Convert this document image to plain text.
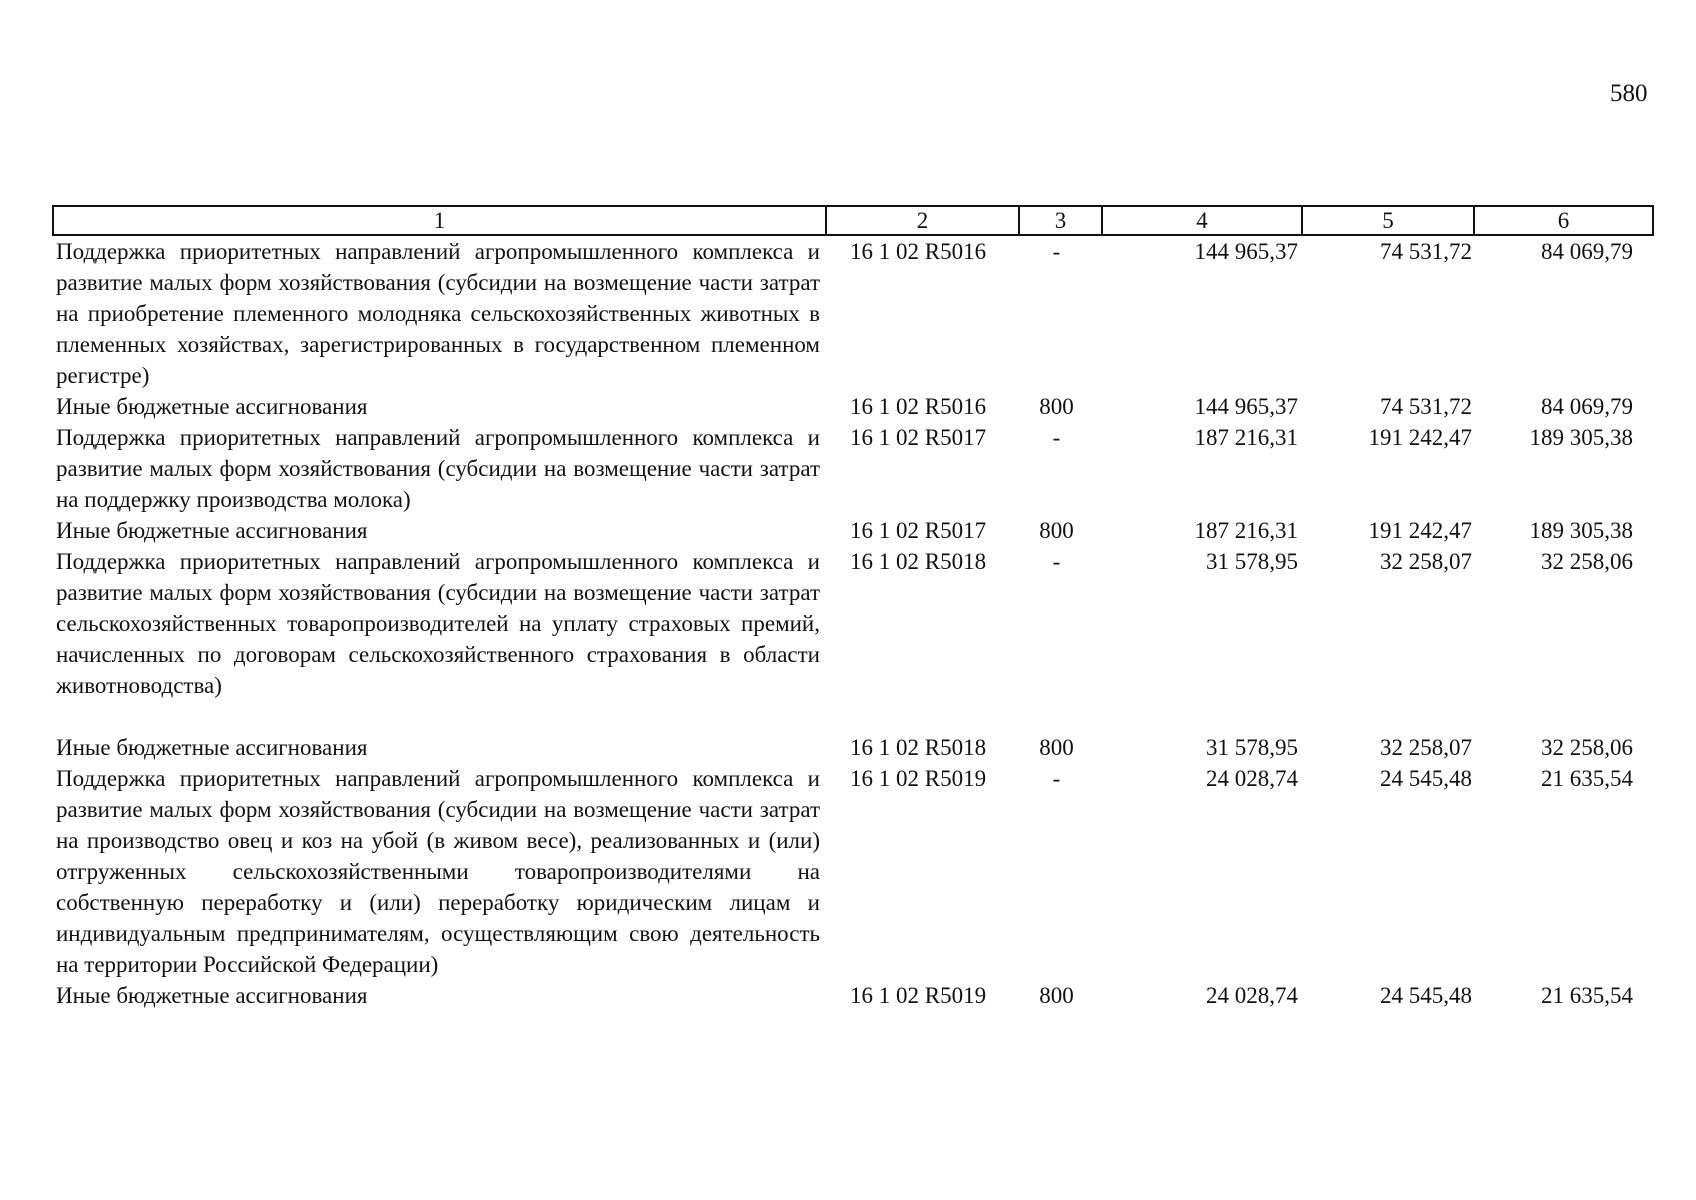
580
1	2	3	4	5	6
Поддержка приоритетных направлений агропромышленного комплекса и развитие малых форм хозяйствования (субсидии на возмещение части затрат на приобретение племенного молодняка сельскохозяйственных животных в племенных хозяйствах, зарегистрированных в государственном племенном регистре)	16 1 02 R5016	-	144 965,37	74 531,72	84 069,79
Иные бюджетные ассигнования	16 1 02 R5016	800	144 965,37	74 531,72	84 069,79
Поддержка приоритетных направлений агропромышленного комплекса и развитие малых форм хозяйствования (субсидии на возмещение части затрат на поддержку производства молока)	16 1 02 R5017	-	187 216,31	191 242,47	189 305,38
Иные бюджетные ассигнования	16 1 02 R5017	800	187 216,31	191 242,47	189 305,38
Поддержка приоритетных направлений агропромышленного комплекса и развитие малых форм хозяйствования (субсидии на возмещение части затрат сельскохозяйственных товаропроизводителей на уплату страховых премий, начисленных по договорам сельскохозяйственного страхования в области животноводства)	16 1 02 R5018	-	31 578,95	32 258,07	32 258,06
Иные бюджетные ассигнования	16 1 02 R5018	800	31 578,95	32 258,07	32 258,06
Поддержка приоритетных направлений агропромышленного комплекса и развитие малых форм хозяйствования (субсидии на возмещение части затрат на производство овец и коз на убой (в живом весе), реализованных и (или) отгруженных сельскохозяйственными товаропроизводителями на собственную переработку и (или) переработку юридическим лицам и индивидуальным предпринимателям, осуществляющим свою деятельность на территории Российской Федерации)	16 1 02 R5019	-	24 028,74	24 545,48	21 635,54
Иные бюджетные ассигнования	16 1 02 R5019	800	24 028,74	24 545,48	21 635,54
